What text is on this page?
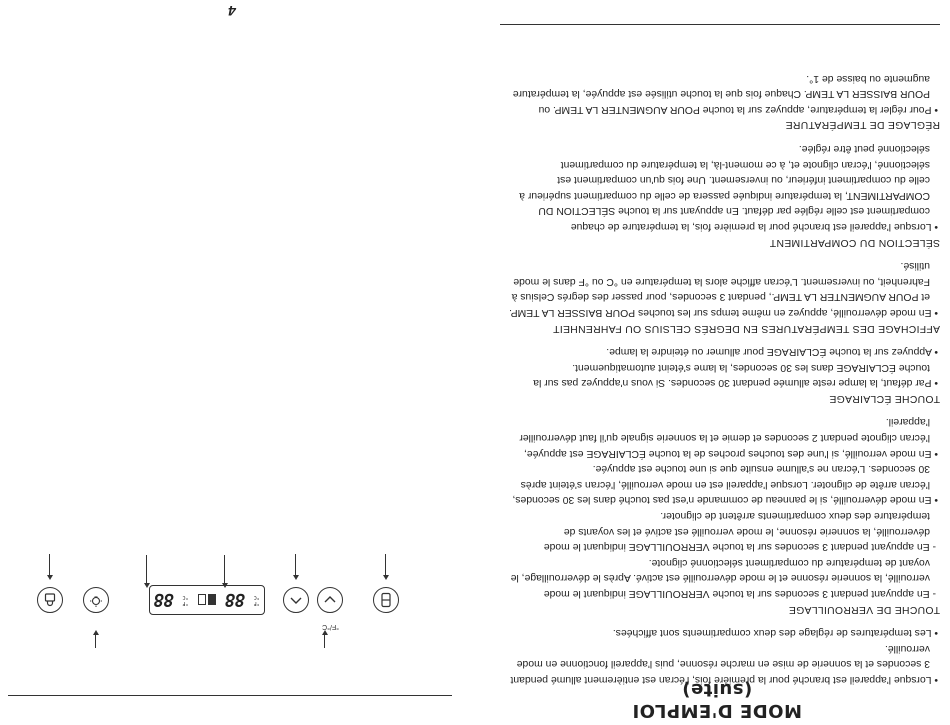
MODE D'EMPLOI (suite)	• Lorsque l'appareil est branché pour la première fois, l'écran est entièrement allumé pendant 3 secondes et la sonnerie de mise en marche résonne, puis l'appareil fonctionne en mode verrouillé.

• Les températures de réglage des deux compartiments sont affichées.

TOUCHE DE VERROUILLAGE

- En appuyant pendant 3 secondes sur la touche VERROUILLAGE indiquant le mode verrouillé, la sonnerie résonne et le mode déverrouillé est activé. Après le déverrouillage, le voyant de température du compartiment sélectionné clignote.

- En appuyant pendant 3 secondes sur la touche VERROUILLAGE indiquant le mode déverrouillé, la sonnerie résonne, le mode verrouillé est activé et les voyants de température des deux compartiments arrêtent de clignoter.

• En mode déverrouillé, si le panneau de commande n'est pas touché dans les 30 secondes, l'écran arrête de clignoter. Lorsque l'appareil est en mode verrouillé, l'écran s'éteint après 30 secondes. L'écran ne s'allume ensuite que si une touche est appuyée.

• En mode verrouillé, si l'une des touches proches de la touche ÉCLAIRAGE est appuyée, l'écran clignote pendant 2 secondes et demie et la sonnerie signale qu'il faut déverrouiller l'appareil.

TOUCHE ÉCLAIRAGE

• Par défaut, la lampe reste allumée pendant 30 secondes. Si vous n'appuyez pas sur la touche ÉCLAIRAGE dans les 30 secondes, la lame s'éteint automatiquement.

• Appuyez sur la touche ÉCLAIRAGE pour allumer ou éteindre la lampe.

AFFICHAGE DES TEMPÉRATURES EN DEGRÉS CELSIUS OU FAHRENHEIT

• En mode déverrouillé, appuyez en même temps sur les touches POUR BAISSER LA TEMP. et POUR AUGMENTER LA TEMP., pendant 3 secondes, pour passer des degrés Celsius à Fahrenheit, ou inversement. L'écran affiche alors la température en °C ou °F dans le mode utilisé.

SÉLECTION DU COMPARTIMENT

• Lorsque l'appareil est branché pour la première fois, la température de chaque compartiment est celle réglée par défaut. En appuyant sur la touche SÉLECTION DU COMPARTIMENT, la température indiquée passera de celle du compartiment supérieur à celle du compartiment inférieur, ou inversement. Une fois qu'un compartiment est sélectionné, l'écran clignote et, à ce moment-là, la température du compartiment sélectionné peut être réglée.

RÉGLAGE DE TEMPÉRATURE

• Pour régler la température, appuyez sur la touche POUR AUGMENTER LA TEMP. ou POUR BAISSER LA TEMP. Chaque fois que la touche utilisée est appuyée, la température augmente ou baisse de 1°.

4
°F/°C
°F
°C
88
°F
°C
88
